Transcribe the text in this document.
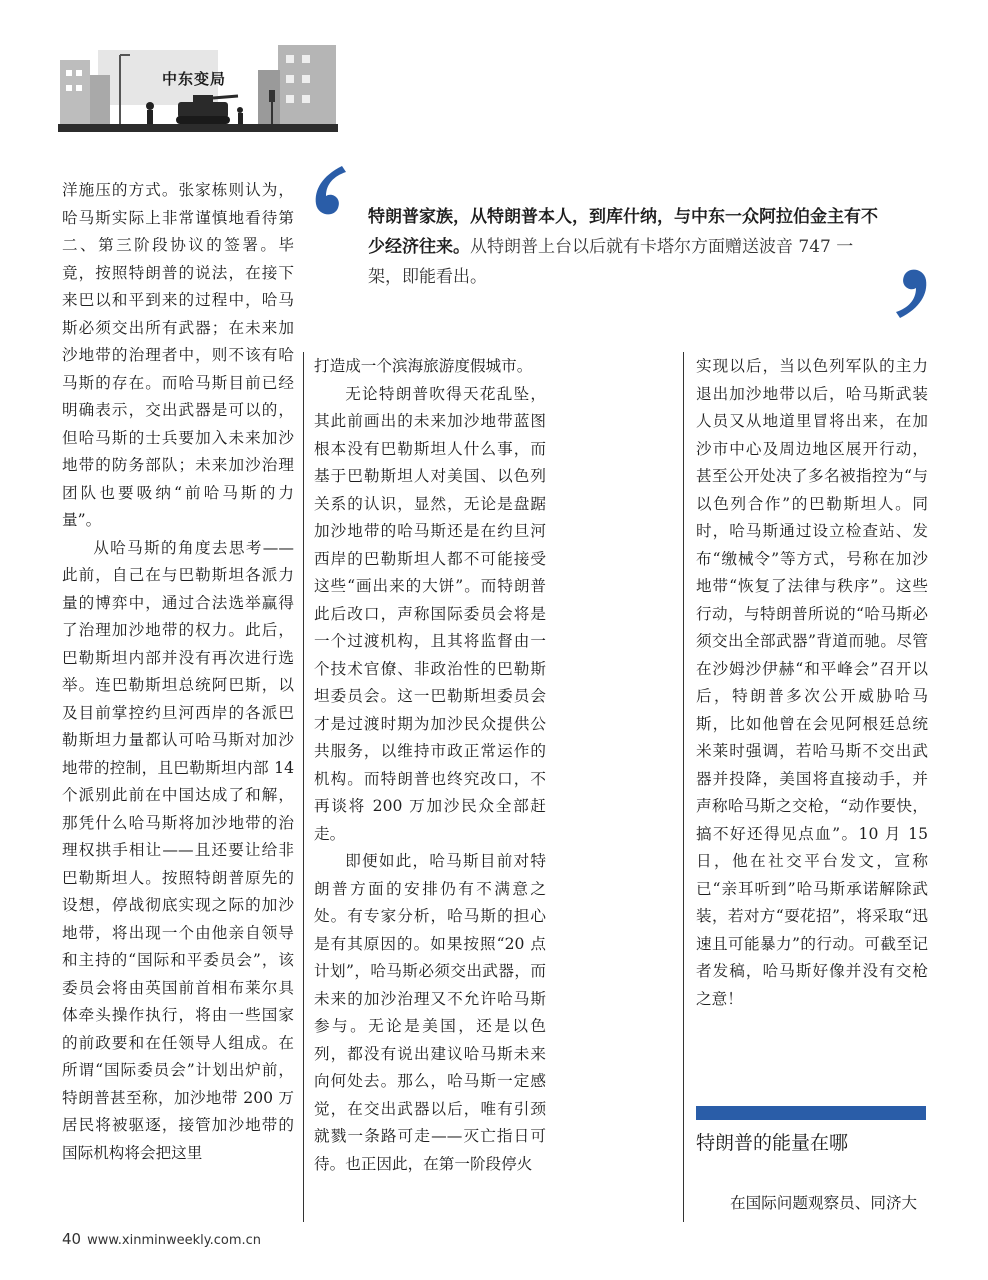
中东变局

洋施压的方式。张家栋则认为，哈马斯实际上非常谨慎地看待第二、第三阶段协议的签署。毕竟，按照特朗普的说法，在接下来巴以和平到来的过程中，哈马斯必须交出所有武器；在未来加沙地带的治理者中，则不该有哈马斯的存在。而哈马斯目前已经明确表示，交出武器是可以的，但哈马斯的士兵要加入未来加沙地带的防务部队；未来加沙治理团队也要吸纳“前哈马斯的力量”。

从哈马斯的角度去思考——此前，自己在与巴勒斯坦各派力量的博弈中，通过合法选举赢得了治理加沙地带的权力。此后，巴勒斯坦内部并没有再次进行选举。连巴勒斯坦总统阿巴斯，以及目前掌控约旦河西岸的各派巴勒斯坦力量都认可哈马斯对加沙地带的控制，且巴勒斯坦内部 14 个派别此前在中国达成了和解，那凭什么哈马斯将加沙地带的治理权拱手相让——且还要让给非巴勒斯坦人。按照特朗普原先的设想，停战彻底实现之际的加沙地带，将出现一个由他亲自领导和主持的“国际和平委员会”，该委员会将由英国前首相布莱尔具体牵头操作执行，将由一些国家的前政要和在任领导人组成。在所谓“国际委员会”计划出炉前，特朗普甚至称，加沙地带 200 万居民将被驱逐，接管加沙地带的国际机构将会把这里

特朗普家族，从特朗普本人，到库什纳，与中东一众阿拉伯金主有不少经济往来。从特朗普上台以后就有卡塔尔方面赠送波音 747 一架，即能看出。

打造成一个滨海旅游度假城市。

无论特朗普吹得天花乱坠，其此前画出的未来加沙地带蓝图根本没有巴勒斯坦人什么事，而基于巴勒斯坦人对美国、以色列关系的认识，显然，无论是盘踞加沙地带的哈马斯还是在约旦河西岸的巴勒斯坦人都不可能接受这些“画出来的大饼”。而特朗普此后改口，声称国际委员会将是一个过渡机构，且其将监督由一个技术官僚、非政治性的巴勒斯坦委员会。这一巴勒斯坦委员会才是过渡时期为加沙民众提供公共服务，以维持市政正常运作的机构。而特朗普也终究改口，不再谈将 200 万加沙民众全部赶走。

即便如此，哈马斯目前对特朗普方面的安排仍有不满意之处。有专家分析，哈马斯的担心是有其原因的。如果按照“20 点计划”，哈马斯必须交出武器，而未来的加沙治理又不允许哈马斯参与。无论是美国，还是以色列，都没有说出建议哈马斯未来向何处去。那么，哈马斯一定感觉，在交出武器以后，唯有引颈就戮一条路可走——灭亡指日可待。也正因此，在第一阶段停火

实现以后，当以色列军队的主力退出加沙地带以后，哈马斯武装人员又从地道里冒将出来，在加沙市中心及周边地区展开行动，甚至公开处决了多名被指控为“与以色列合作”的巴勒斯坦人。同时，哈马斯通过设立检查站、发布“缴械令”等方式，号称在加沙地带“恢复了法律与秩序”。这些行动，与特朗普所说的“哈马斯必须交出全部武器”背道而驰。尽管在沙姆沙伊赫“和平峰会”召开以后，特朗普多次公开威胁哈马斯，比如他曾在会见阿根廷总统米莱时强调，若哈马斯不交出武器并投降，美国将直接动手，并声称哈马斯之交枪，“动作要快，搞不好还得见点血”。10 月 15 日，他在社交平台发文，宣称已“亲耳听到”哈马斯承诺解除武装，若对方“耍花招”，将采取“迅速且可能暴力”的行动。可截至记者发稿，哈马斯好像并没有交枪之意！

特朗普的能量在哪
在国际问题观察员、同济大
40 www.xinminweekly.com.cn
